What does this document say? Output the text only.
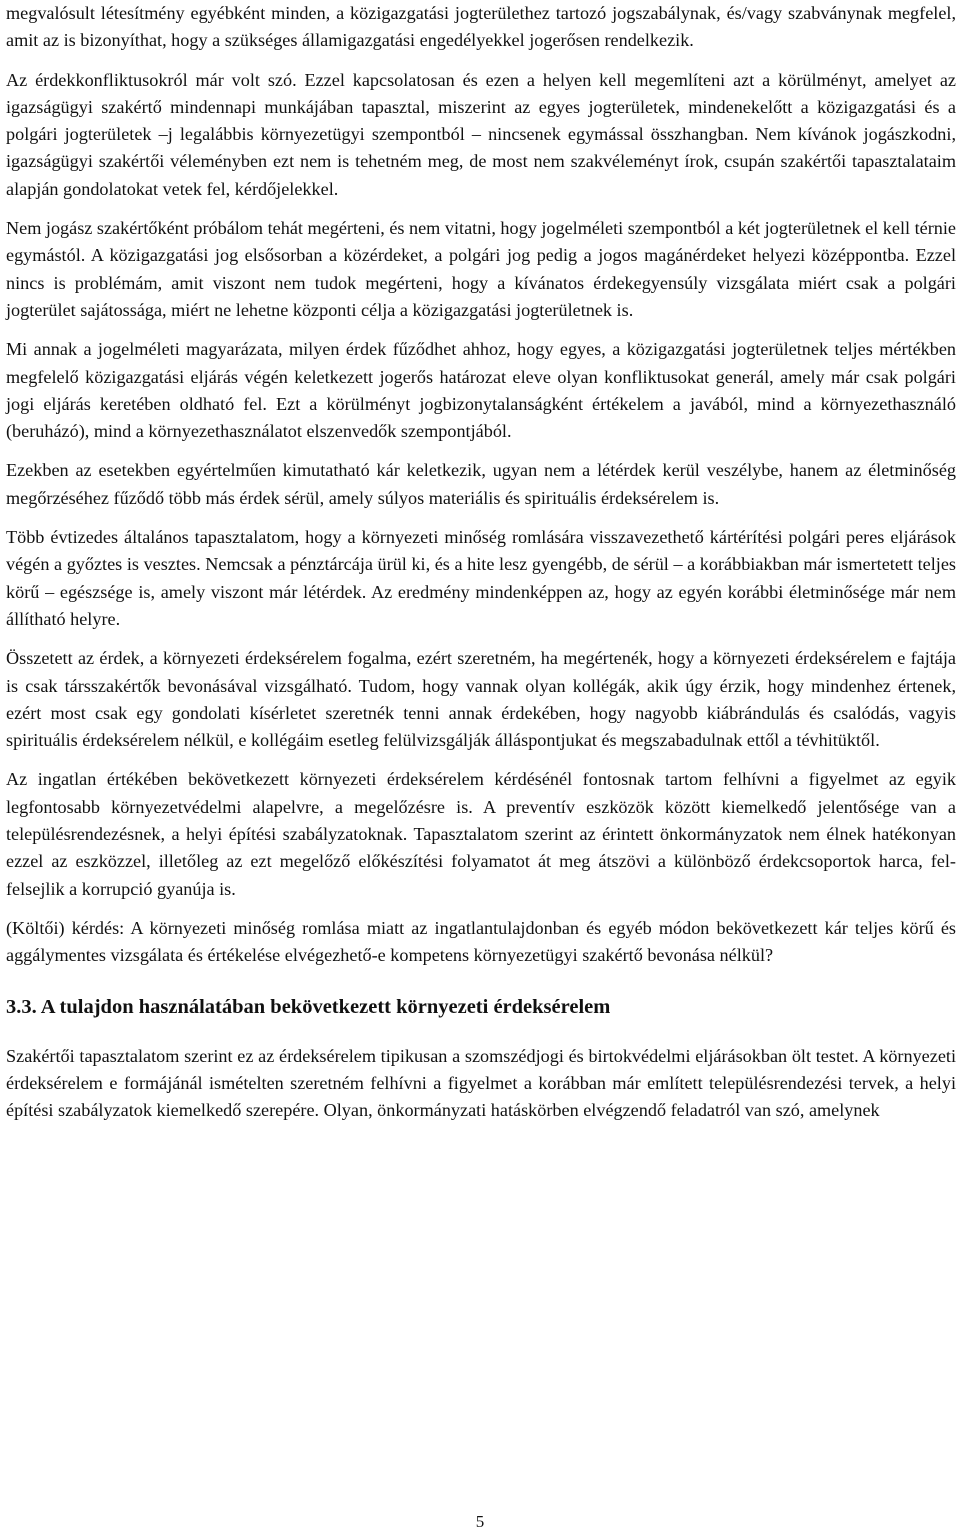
megvalósult létesítmény egyébként minden, a közigazgatási jogterülethez tartozó jogszabálynak, és/vagy szabványnak megfelel, amit az is bizonyíthat, hogy a szükséges államigazgatási engedélyekkel jogerősen rendelkezik.

Az érdekkonfliktusokról már volt szó. Ezzel kapcsolatosan és ezen a helyen kell megemlíteni azt a körülményt, amelyet az igazságügyi szakértő mindennapi munkájában tapasztal, miszerint az egyes jogterületek, mindenekelőtt a közigazgatási és a polgári jogterületek –j legalábbis környezetügyi szempontból – nincsenek egymással összhangban. Nem kívánok jogászkodni, igazságügyi szakértői véleményben ezt nem is tehetném meg, de most nem szakvéleményt írok, csupán szakértői tapasztalataim alapján gondolatokat vetek fel, kérdőjelekkel.

Nem jogász szakértőként próbálom tehát megérteni, és nem vitatni, hogy jogelméleti szempontból a két jogterületnek el kell térnie egymástól. A közigazgatási jog elsősorban a közérdeket, a polgári jog pedig a jogos magánérdeket helyezi középpontba. Ezzel nincs is problémám, amit viszont nem tudok megérteni, hogy a kívánatos érdekegyensúly vizsgálata miért csak a polgári jogterület sajátossága, miért ne lehetne központi célja a közigazgatási jogterületnek is.

Mi annak a jogelméleti magyarázata, milyen érdek fűződhet ahhoz, hogy egyes, a közigazgatási jogterületnek teljes mértékben megfelelő közigazgatási eljárás végén keletkezett jogerős határozat eleve olyan konfliktusokat generál, amely már csak polgári jogi eljárás keretében oldható fel. Ezt a körülményt jogbizonytalanságként értékelem a javából, mind a környezethasználó (beruházó), mind a környezethasználatot elszenvedők szempontjából.

Ezekben az esetekben egyértelműen kimutatható kár keletkezik, ugyan nem a létérdek kerül veszélybe, hanem az életminőség megőrzéséhez fűződő több más érdek sérül, amely súlyos materiális és spirituális érdeksérelem is.

Több évtizedes általános tapasztalatom, hogy a környezeti minőség romlására visszavezethető kártérítési polgári peres eljárások végén a győztes is vesztes. Nemcsak a pénztárcája ürül ki, és a hite lesz gyengébb, de sérül – a korábbiakban már ismertetett teljes körű – egészsége is, amely viszont már létérdek. Az eredmény mindenképpen az, hogy az egyén korábbi életminősége már nem állítható helyre.

Összetett az érdek, a környezeti érdeksérelem fogalma, ezért szeretném, ha megértenék, hogy a környezeti érdeksérelem e fajtája is csak társszakértők bevonásával vizsgálható. Tudom, hogy vannak olyan kollégák, akik úgy érzik, hogy mindenhez értenek, ezért most csak egy gondolati kísérletet szeretnék tenni annak érdekében, hogy nagyobb kiábrándulás és csalódás, vagyis spirituális érdeksérelem nélkül, e kollégáim esetleg felülvizsgálják álláspontjukat és megszabadulnak ettől a tévhitüktől.

Az ingatlan értékében bekövetkezett környezeti érdeksérelem kérdésénél fontosnak tartom felhívni a figyelmet az egyik legfontosabb környezetvédelmi alapelvre, a megelőzésre is. A preventív eszközök között kiemelkedő jelentősége van a településrendezésnek, a helyi építési szabályzatoknak. Tapasztalatom szerint az érintett önkormányzatok nem élnek hatékonyan ezzel az eszközzel, illetőleg az ezt megelőző előkészítési folyamatot át meg átszövi a különböző érdekcsoportok harca, fel-felsejlik a korrupció gyanúja is.

(Költői) kérdés: A környezeti minőség romlása miatt az ingatlantulajdonban és egyéb módon bekövetkezett kár teljes körű és aggálymentes vizsgálata és értékelése elvégezhető-e kompetens környezetügyi szakértő bevonása nélkül?

3.3. A tulajdon használatában bekövetkezett környezeti érdeksérelem

Szakértői tapasztalatom szerint ez az érdeksérelem tipikusan a szomszédjogi és birtokvédelmi eljárásokban ölt testet. A környezeti érdeksérelem e formájánál ismételten szeretném felhívni a figyelmet a korábban már említett településrendezési tervek, a helyi építési szabályzatok kiemelkedő szerepére. Olyan, önkormányzati hatáskörben elvégzendő feladatról van szó, amelynek

5
